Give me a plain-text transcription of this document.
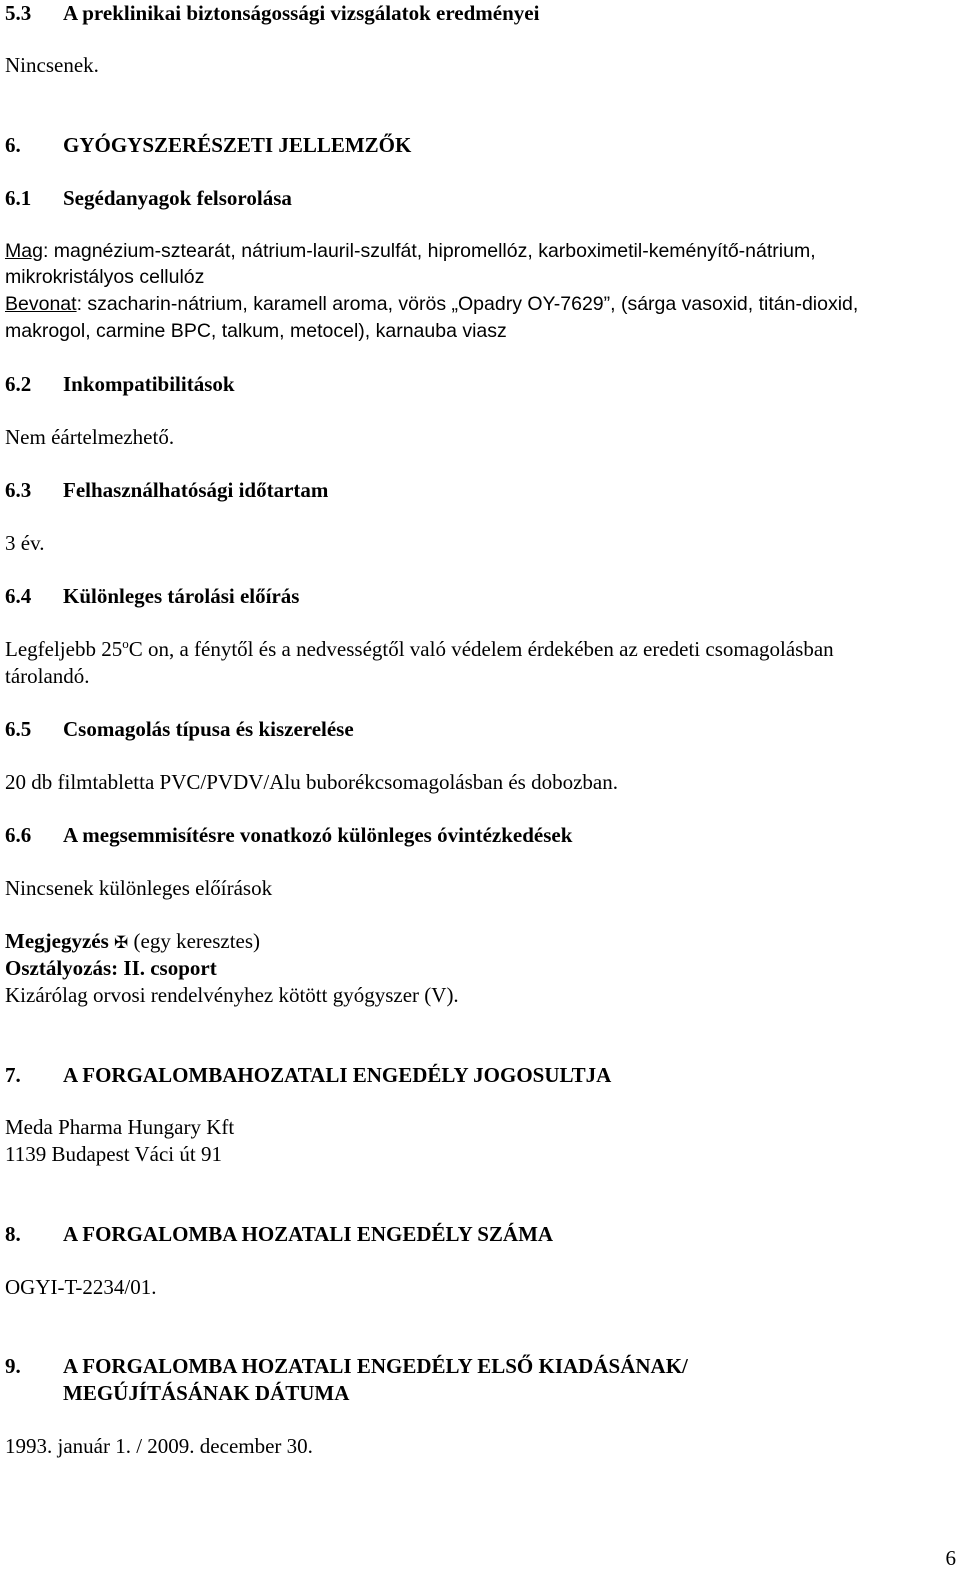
5.3 A preklinikai biztonságossági vizsgálatok eredményei
Nincsenek.
6. GYÓGYSZERÉSZETI JELLEMZŐK
6.1 Segédanyagok felsorolása
Mag: magnézium-sztearát, nátrium-lauril-szulfát, hipromellóz, karboximetil-keményítő-nátrium,
mikrokristályos cellulóz
Bevonat: szacharin-nátrium, karamell aroma, vörös „Opadry OY-7629”, (sárga vasoxid, titán-dioxid,
makrogol, carmine BPC, talkum, metocel), karnauba viasz
6.2 Inkompatibilitások
Nem éártelmezhető.
6.3 Felhasználhatósági időtartam
3 év.
6.4 Különleges tárolási előírás
Legfeljebb 25$^o$C on, a fénytől és a nedvességtől való védelem érdekében az eredeti csomagolásban
tárolandó.
6.5 Csomagolás típusa és kiszerelése
20 db filmtabletta PVC/PVDV/Alu buborékcsomagolásban és dobozban.
6.6 A megsemmisítésre vonatkozó különleges óvintézkedések
Nincsenek különleges előírások
Megjegyzés ✠ (egy keresztes)
Osztályozás: II. csoport
Kizárólag orvosi rendelvényhez kötött gyógyszer (V).
7. A FORGALOMBAHOZATALI ENGEDÉLY JOGOSULTJA
Meda Pharma Hungary Kft
1139 Budapest Váci út 91
8. A FORGALOMBA HOZATALI ENGEDÉLY SZÁMA
OGYI-T-2234/01.
9. A FORGALOMBA HOZATALI ENGEDÉLY ELSŐ KIADÁSÁNAK/
MEGÚJÍTÁSÁNAK DÁTUMA
1993. január 1. / 2009. december 30.
6
